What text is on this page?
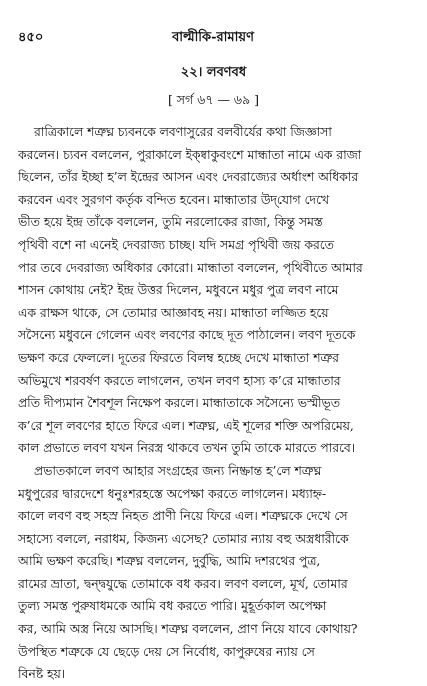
৪৫০	বাল্মীকি-রামায়ণ
২২। লবণবধ
[ সর্গ ৬৭ — ৬৯ ]
রাত্রিকালে শত্রুঘ্ন চ্যবনকে লবণাসুরের বলবীর্যের কথা জিজ্ঞাসা
করলেন। চ্যবন বললেন, পুরাকালে ইক্ষ্বাকুবংশে মান্ধাতা নামে এক রাজা
ছিলেন, তাঁর ইচ্ছা হ’ল ইন্দ্রের আসন এবং দেবরাজ্যের অর্ধাংশ অধিকার
করবেন এবং সুরগণ কর্তৃক বন্দিত হবেন। মান্ধাতার উদ্‌যোগ দেখে
ভীত হয়ে ইন্দ্র তাঁকে বললেন, তুমি নরলোকের রাজা, কিন্তু সমস্ত
পৃথিবী বশে না এনেই দেবরাজ্য চাচ্ছ। যদি সমগ্র পৃথিবী জয় করতে
পার তবে দেবরাজ্য অধিকার কোরো। মান্ধাতা বললেন, পৃথিবীতে আমার
শাসন কোথায় নেই? ইন্দ্র উত্তর দিলেন, মধুবনে মধুর পুত্র লবণ নামে
এক রাক্ষস থাকে, সে তোমার আজ্ঞাবহ নয়। মান্ধাতা লজ্জিত হয়ে
সসৈন্যে মধুবনে গেলেন এবং লবণের কাছে দূত পাঠালেন। লবণ দূতকে
ভক্ষণ করে ফেললে। দূতের ফিরতে বিলম্ব হচ্ছে দেখে মান্ধাতা শত্রুর
অভিমুখে শরবর্ষণ করতে লাগলেন, তখন লবণ হাস্য ক’রে মান্ধাতার
প্রতি দীপ্যমান শৈবশূল নিক্ষেপ করলে। মান্ধাতাকে সসৈন্যে ভস্মীভূত
ক’রে শূল লবণের হাতে ফিরে এল। শত্রুঘ্ন, এই শূলের শক্তি অপরিমেয়,
কাল প্রভাতে লবণ যখন নিরস্ত্র থাকবে তখন তুমি তাকে মারতে পারবে।
প্রভাতকালে লবণ আহার সংগ্রহের জন্য নিষ্ক্রান্ত হ’লে শত্রুঘ্ন
মধুপুরের দ্বারদেশে ধনুঃশরহস্তে অপেক্ষা করতে লাগলেন। মধ্যাহ্ন-
কালে লবণ বহু সহস্র নিহত প্রাণী নিয়ে ফিরে এল। শত্রুঘ্নকে দেখে সে
সহাস্যে বললে, নরাধম, কিজন্য এসেছ? তোমার ন্যায় বহু অস্ত্রধারীকে
আমি ভক্ষণ করেছি। শত্রুঘ্ন বললেন, দুর্বুদ্ধি, আমি দশরথের পুত্র,
রামের ভ্রাতা, দ্বন্দ্বযুদ্ধে তোমাকে বধ করব। লবণ বললে, মূর্খ, তোমার
তুল্য সমস্ত পুরুষাধমকে আমি বধ করতে পারি। মুহূর্তকাল অপেক্ষা
কর, আমি অস্ত্র নিয়ে আসছি। শত্রুঘ্ন বললেন, প্রাণ নিয়ে যাবে কোথায়?
উপস্থিত শত্রুকে যে ছেড়ে দেয় সে নির্বোধ, কাপুরুষের ন্যায় সে
বিনষ্ট হয়।
